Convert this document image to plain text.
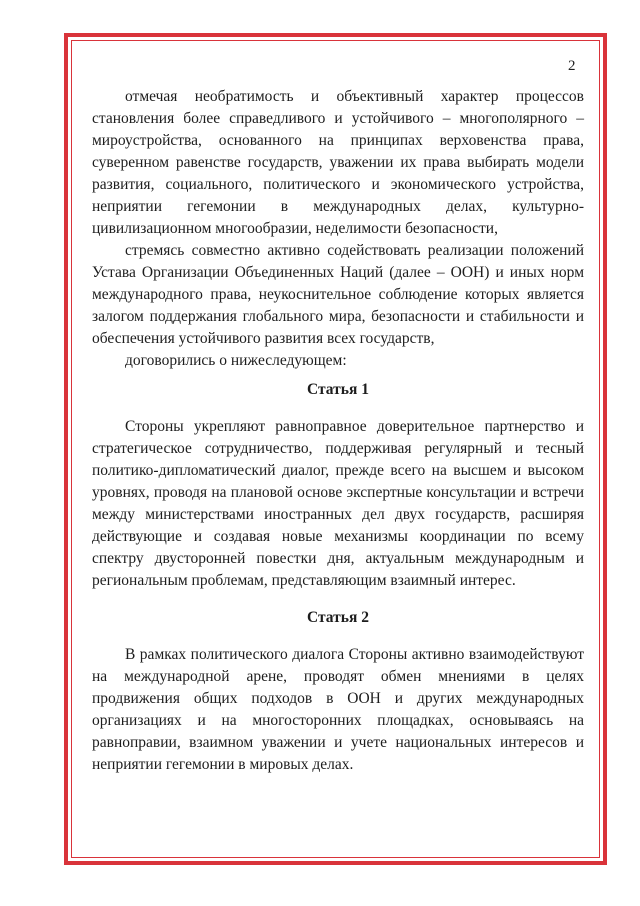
2

отмечая необратимость и объективный характер процессов становления более справедливого и устойчивого – многополярного – мироустройства, основанного на принципах верховенства права, суверенном равенстве государств, уважении их права выбирать модели развития, социального, политического и экономического устройства, неприятии гегемонии в международных делах, культурно-цивилизационном многообразии, неделимости безопасности,

стремясь совместно активно содействовать реализации положений Устава Организации Объединенных Наций (далее – ООН) и иных норм международного права, неукоснительное соблюдение которых является залогом поддержания глобального мира, безопасности и стабильности и обеспечения устойчивого развития всех государств,

договорились о нижеследующем:

Статья 1

Стороны укрепляют равноправное доверительное партнерство и стратегическое сотрудничество, поддерживая регулярный и тесный политико-дипломатический диалог, прежде всего на высшем и высоком уровнях, проводя на плановой основе экспертные консультации и встречи между министерствами иностранных дел двух государств, расширяя действующие и создавая новые механизмы координации по всему спектру двусторонней повестки дня, актуальным международным и региональным проблемам, представляющим взаимный интерес.

Статья 2

В рамках политического диалога Стороны активно взаимодействуют на международной арене, проводят обмен мнениями в целях продвижения общих подходов в ООН и других международных организациях и на многосторонних площадках, основываясь на равноправии, взаимном уважении и учете национальных интересов и неприятии гегемонии в мировых делах.
